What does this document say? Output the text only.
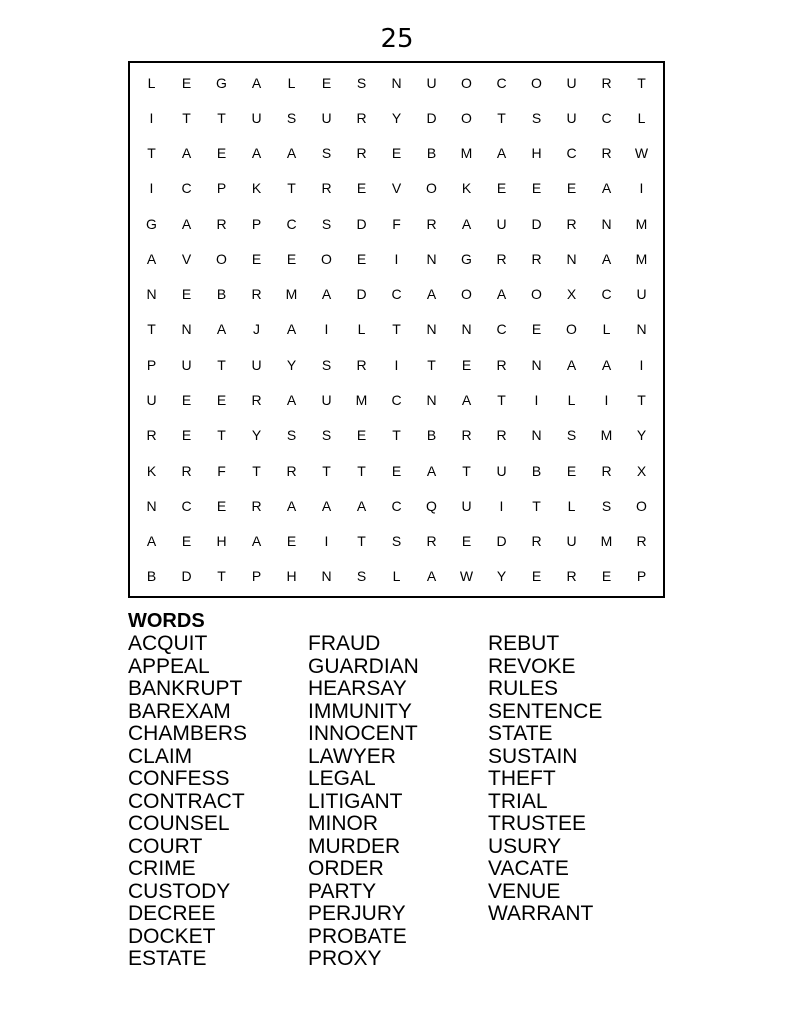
25
L	E	G	A	L	E	S	N	U	O	C	O	U	R	T
I	T	T	U	S	U	R	Y	D	O	T	S	U	C	L
T	A	E	A	A	S	R	E	B	M	A	H	C	R	W
I	C	P	K	T	R	E	V	O	K	E	E	E	A	I
G	A	R	P	C	S	D	F	R	A	U	D	R	N	M
A	V	O	E	E	O	E	I	N	G	R	R	N	A	M
N	E	B	R	M	A	D	C	A	O	A	O	X	C	U
T	N	A	J	A	I	L	T	N	N	C	E	O	L	N
P	U	T	U	Y	S	R	I	T	E	R	N	A	A	I
U	E	E	R	A	U	M	C	N	A	T	I	L	I	T
R	E	T	Y	S	S	E	T	B	R	R	N	S	M	Y
K	R	F	T	R	T	T	E	A	T	U	B	E	R	X
N	C	E	R	A	A	A	C	Q	U	I	T	L	S	O
A	E	H	A	E	I	T	S	R	E	D	R	U	M	R
B	D	T	P	H	N	S	L	A	W	Y	E	R	E	P
WORDS
ACQUIT
APPEAL
BANKRUPT
BAREXAM
CHAMBERS
CLAIM
CONFESS
CONTRACT
COUNSEL
COURT
CRIME
CUSTODY
DECREE
DOCKET
ESTATE
FRAUD
GUARDIAN
HEARSAY
IMMUNITY
INNOCENT
LAWYER
LEGAL
LITIGANT
MINOR
MURDER
ORDER
PARTY
PERJURY
PROBATE
PROXY
REBUT
REVOKE
RULES
SENTENCE
STATE
SUSTAIN
THEFT
TRIAL
TRUSTEE
USURY
VACATE
VENUE
WARRANT
